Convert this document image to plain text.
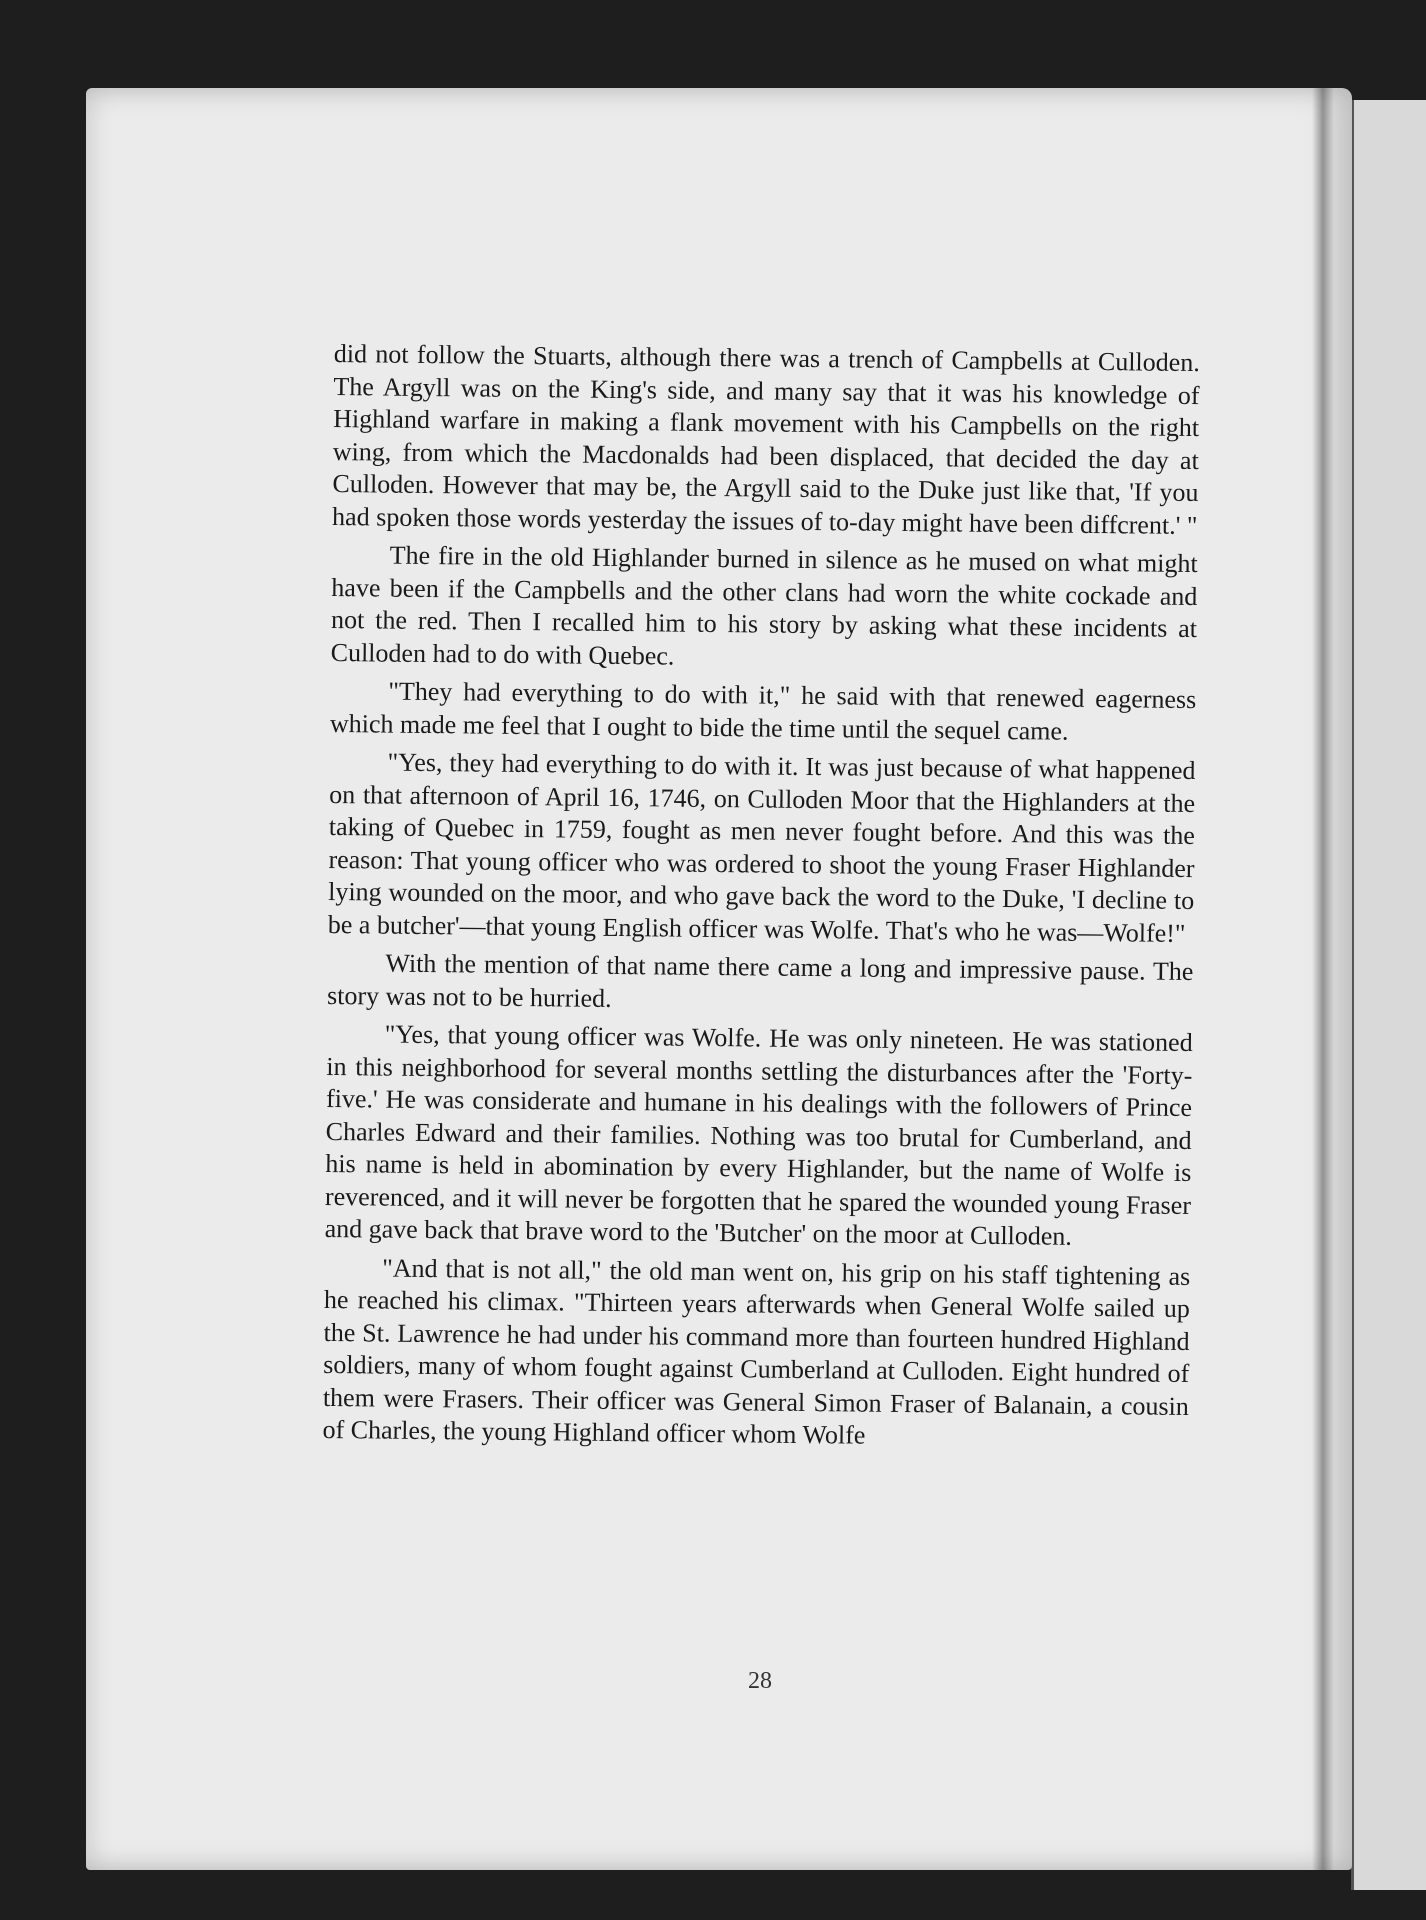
did not follow the Stuarts, although there was a trench of Campbells at Culloden. The Argyll was on the King's side, and many say that it was his knowledge of Highland warfare in making a flank movement with his Campbells on the right wing, from which the Macdonalds had been displaced, that decided the day at Culloden. However that may be, the Argyll said to the Duke just like that, 'If you had spoken those words yesterday the issues of to-day might have been diffcrent.' "

The fire in the old Highlander burned in silence as he mused on what might have been if the Campbells and the other clans had worn the white cockade and not the red. Then I recalled him to his story by asking what these incidents at Culloden had to do with Quebec.

"They had everything to do with it," he said with that renewed eagerness which made me feel that I ought to bide the time until the sequel came.

"Yes, they had everything to do with it. It was just because of what happened on that afternoon of April 16, 1746, on Culloden Moor that the Highlanders at the taking of Quebec in 1759, fought as men never fought before. And this was the reason: That young officer who was ordered to shoot the young Fraser Highlander lying wounded on the moor, and who gave back the word to the Duke, 'I decline to be a butcher'—that young English officer was Wolfe. That's who he was—Wolfe!"

With the mention of that name there came a long and impressive pause. The story was not to be hurried.

"Yes, that young officer was Wolfe. He was only nineteen. He was stationed in this neighborhood for several months settling the disturbances after the 'Forty-five.' He was considerate and humane in his dealings with the followers of Prince Charles Edward and their families. Nothing was too brutal for Cumberland, and his name is held in abomination by every Highlander, but the name of Wolfe is reverenced, and it will never be forgotten that he spared the wounded young Fraser and gave back that brave word to the 'Butcher' on the moor at Culloden.

"And that is not all," the old man went on, his grip on his staff tightening as he reached his climax. "Thirteen years afterwards when General Wolfe sailed up the St. Lawrence he had under his command more than fourteen hundred Highland soldiers, many of whom fought against Cumberland at Culloden. Eight hundred of them were Frasers. Their officer was General Simon Fraser of Balanain, a cousin of Charles, the young Highland officer whom Wolfe

28
